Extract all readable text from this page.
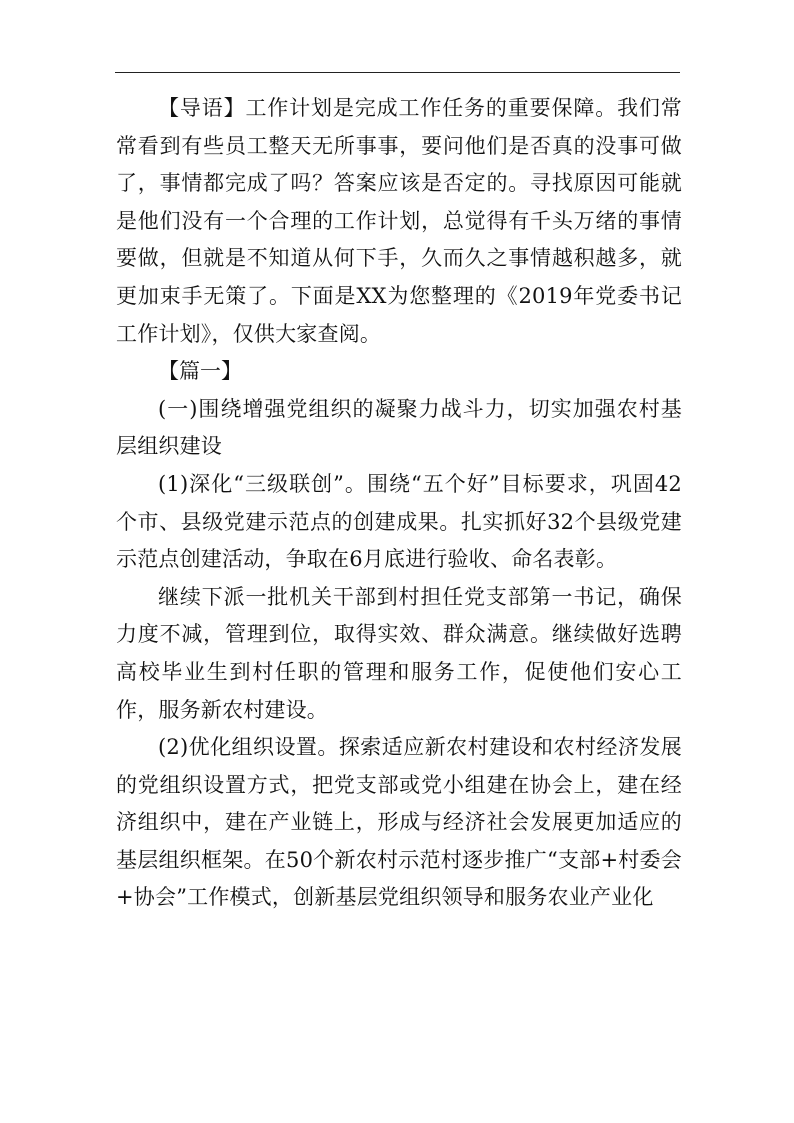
【导语】工作计划是完成工作任务的重要保障。我们常常看到有些员工整天无所事事，要问他们是否真的没事可做了，事情都完成了吗？答案应该是否定的。寻找原因可能就是他们没有一个合理的工作计划，总觉得有千头万绪的事情要做，但就是不知道从何下手，久而久之事情越积越多，就更加束手无策了。下面是XX为您整理的《2019年党委书记工作计划》，仅供大家查阅。

【篇一】

(一)围绕增强党组织的凝聚力战斗力，切实加强农村基层组织建设

(1)深化“三级联创”。围绕“五个好”目标要求，巩固42个市、县级党建示范点的创建成果。扎实抓好32个县级党建示范点创建活动，争取在6月底进行验收、命名表彰。

继续下派一批机关干部到村担任党支部第一书记，确保力度不减，管理到位，取得实效、群众满意。继续做好选聘高校毕业生到村任职的管理和服务工作，促使他们安心工作，服务新农村建设。

(2)优化组织设置。探索适应新农村建设和农村经济发展的党组织设置方式，把党支部或党小组建在协会上，建在经济组织中，建在产业链上，形成与经济社会发展更加适应的基层组织框架。在50个新农村示范村逐步推广“支部+村委会+协会”工作模式，创新基层党组织领导和服务农业产业化
